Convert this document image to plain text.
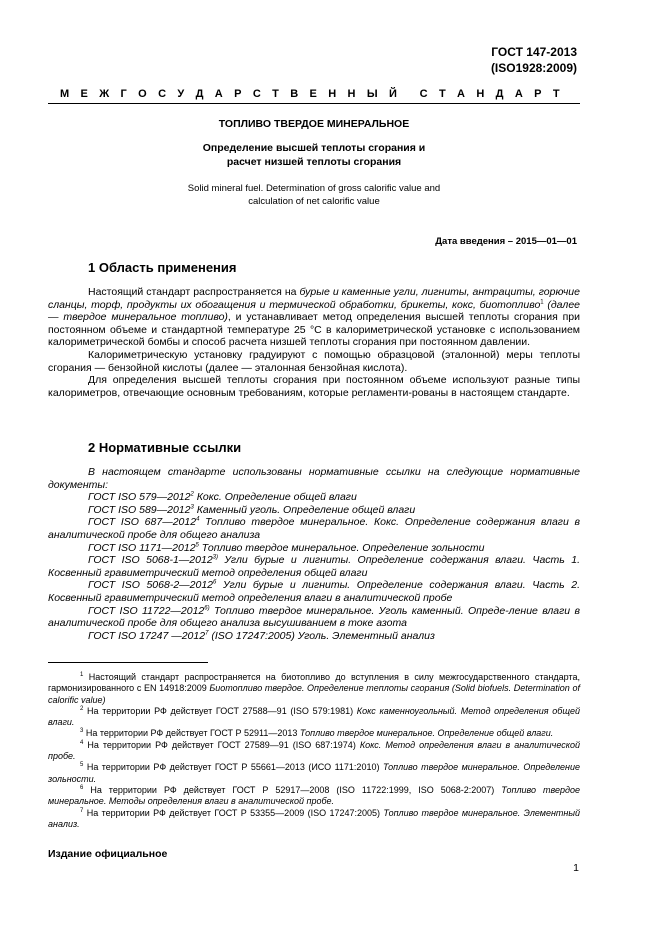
ГОСТ 147-2013
(ISO1928:2009)
М Е Ж Г О С У Д А Р С Т В Е Н Н Ы Й С Т А Н Д А Р Т
ТОПЛИВО ТВЕРДОЕ МИНЕРАЛЬНОЕ
Определение высшей теплоты сгорания и
расчет низшей теплоты сгорания
Solid mineral fuel. Determination of gross calorific value and
calculation of net calorific value
Дата введения – 2015—01—01
1 Область применения

Настоящий стандарт распространяется на бурые и каменные угли, лигниты, антрациты, горючие сланцы, торф, продукты их обогащения и термической обработки, брикеты, кокс, биотопливо$^1$ (далее — твердое минеральное топливо), и устанавливает метод определения высшей теплоты сгорания при постоянном объеме и стандартной температуре 25 °С в калориметрической установке с использованием калориметрической бомбы и способ расчета низшей теплоты сгорания при постоянном давлении.

Калориметрическую установку градуируют с помощью образцовой (эталонной) меры теплоты сгорания — бензойной кислоты (далее — эталонная бензойная кислота).

Для определения высшей теплоты сгорания при постоянном объеме используют разные типы калориметров, отвечающие основным требованиям, которые регламенти-рованы в настоящем стандарте.

2 Нормативные ссылки

В настоящем стандарте использованы нормативные ссылки на следующие нормативные документы:

ГОСТ ISO 579—2012$^2$ Кокс. Определение общей влаги

ГОСТ ISO 589—2012$^3$ Каменный уголь. Определение общей влаги

ГОСТ ISO 687—2012$^4$ Топливо твердое минеральное. Кокс. Определение содержания влаги в аналитической пробе для общего анализа

ГОСТ ISO 1171—2012$^5$ Топливо твердое минеральное. Определение зольности

ГОСТ ISO 5068-1—2012$^{3)}$ Угли бурые и лигниты. Определение содержания влаги. Часть 1. Косвенный гравиметрический метод определения общей влаги

ГОСТ ISO 5068-2—2012$^6$ Угли бурые и лигниты. Определение содержания влаги. Часть 2. Косвенный гравиметрический метод определения влаги в аналитической пробе

ГОСТ ISO 11722—2012$^{6)}$ Топливо твердое минеральное. Уголь каменный. Опреде-ление влаги в аналитической пробе для общего анализа высушиванием в токе азота

ГОСТ ISO 17247 —2012$^7$ (ISO 17247:2005) Уголь. Элементный анализ

$^1$ Настоящий стандарт распространяется на биотопливо до вступления в силу межгосударственного стандарта, гармонизированного с EN 14918:2009 Биотопливо твердое. Определение теплоты сгорания (Solid biofuels. Determination of calorific value)

$^2$ На территории РФ действует ГОСТ 27588—91 (ISO 579:1981) Кокс каменноугольный. Метод определения общей влаги.

$^3$ На территории РФ действует ГОСТ Р 52911—2013 Топливо твердое минеральное. Определение общей влаги.

$^4$ На территории РФ действует ГОСТ 27589—91 (ISO 687:1974) Кокс. Метод определения влаги в аналитической пробе.

$^5$ На территории РФ действует ГОСТ Р 55661—2013 (ИСО 1171:2010) Топливо твердое минеральное. Определение зольности.

$^6$ На территории РФ действует ГОСТ Р 52917—2008 (ISO 11722:1999, ISO 5068-2:2007) Топливо твердое минеральное. Методы определения влаги в аналитической пробе.

$^7$ На территории РФ действует ГОСТ Р 53355—2009 (ISO 17247:2005) Топливо твердое минеральное. Элементный анализ.

Издание официальное
1
